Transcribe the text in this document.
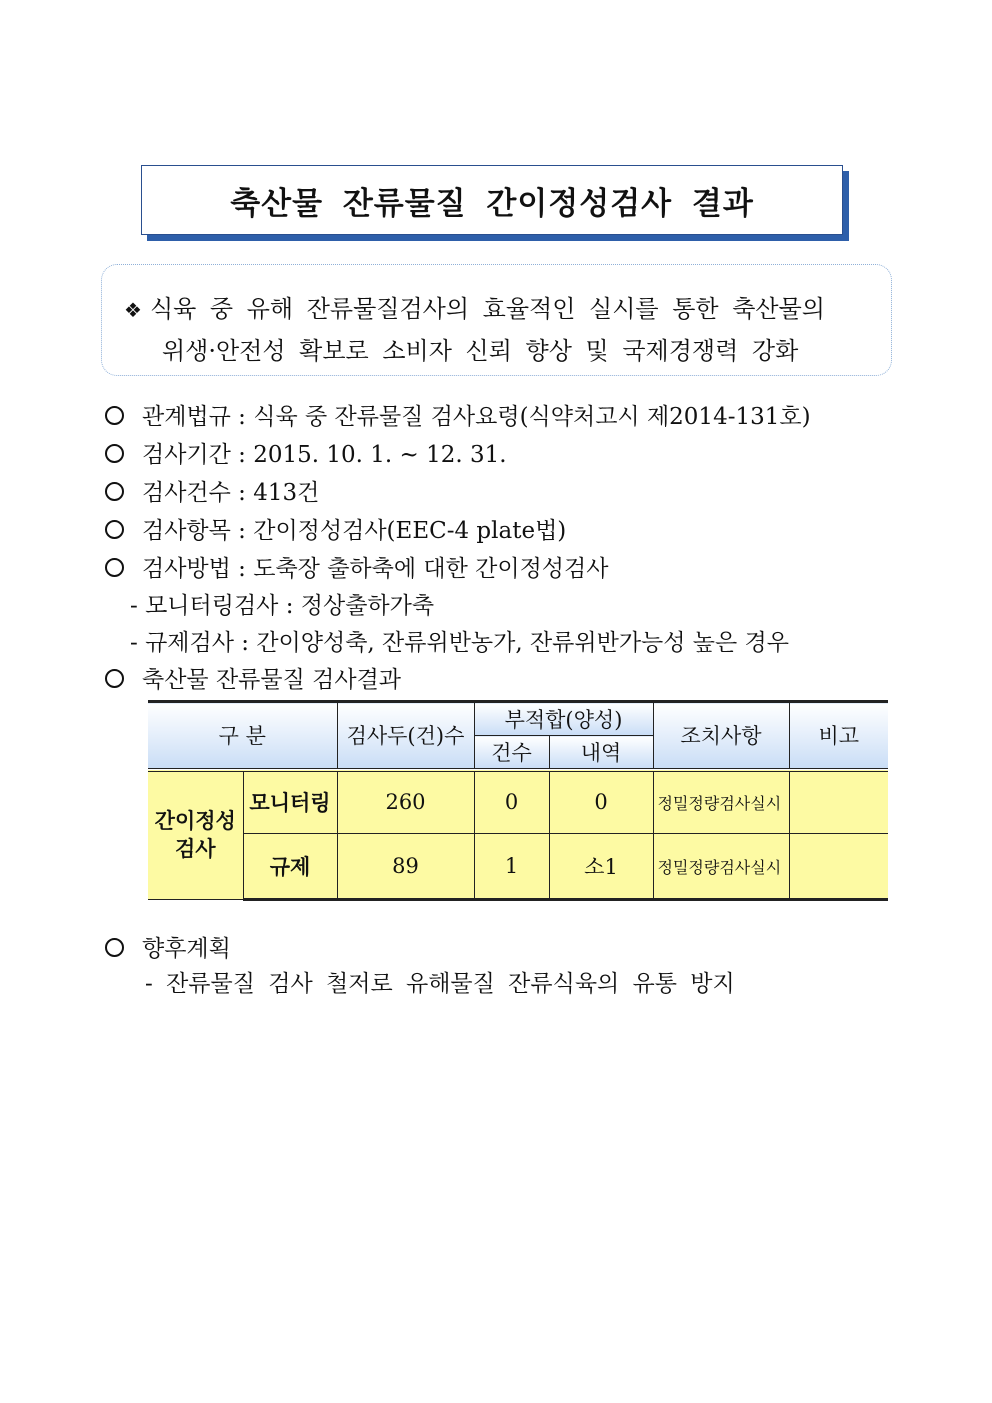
축산물 잔류물질 간이정성검사 결과
❖ 식육 중 유해 잔류물질검사의 효율적인 실시를 통한 축산물의
위생·안전성 확보로 소비자 신뢰 향상 및 국제경쟁력 강화
관계법규 : 식육 중 잔류물질 검사요령(식약처고시 제2014-131호)
검사기간 : 2015. 10. 1. ~ 12. 31.
검사건수 : 413건
검사항목 : 간이정성검사(EEC-4 plate법)
검사방법 : 도축장 출하축에 대한 간이정성검사
- 모니터링검사 : 정상출하가축
- 규제검사 : 간이양성축, 잔류위반농가, 잔류위반가능성 높은 경우
축산물 잔류물질 검사결과
구 분		검사두(건)수	부적합(양성)		조치사항	비고
			건수	내역		
간이정성
검사	모니터링	260	0	0	정밀정량검사실시	
	규제	89	1	소1	정밀정량검사실시	
향후계획
- 잔류물질 검사 철저로 유해물질 잔류식육의 유통 방지
